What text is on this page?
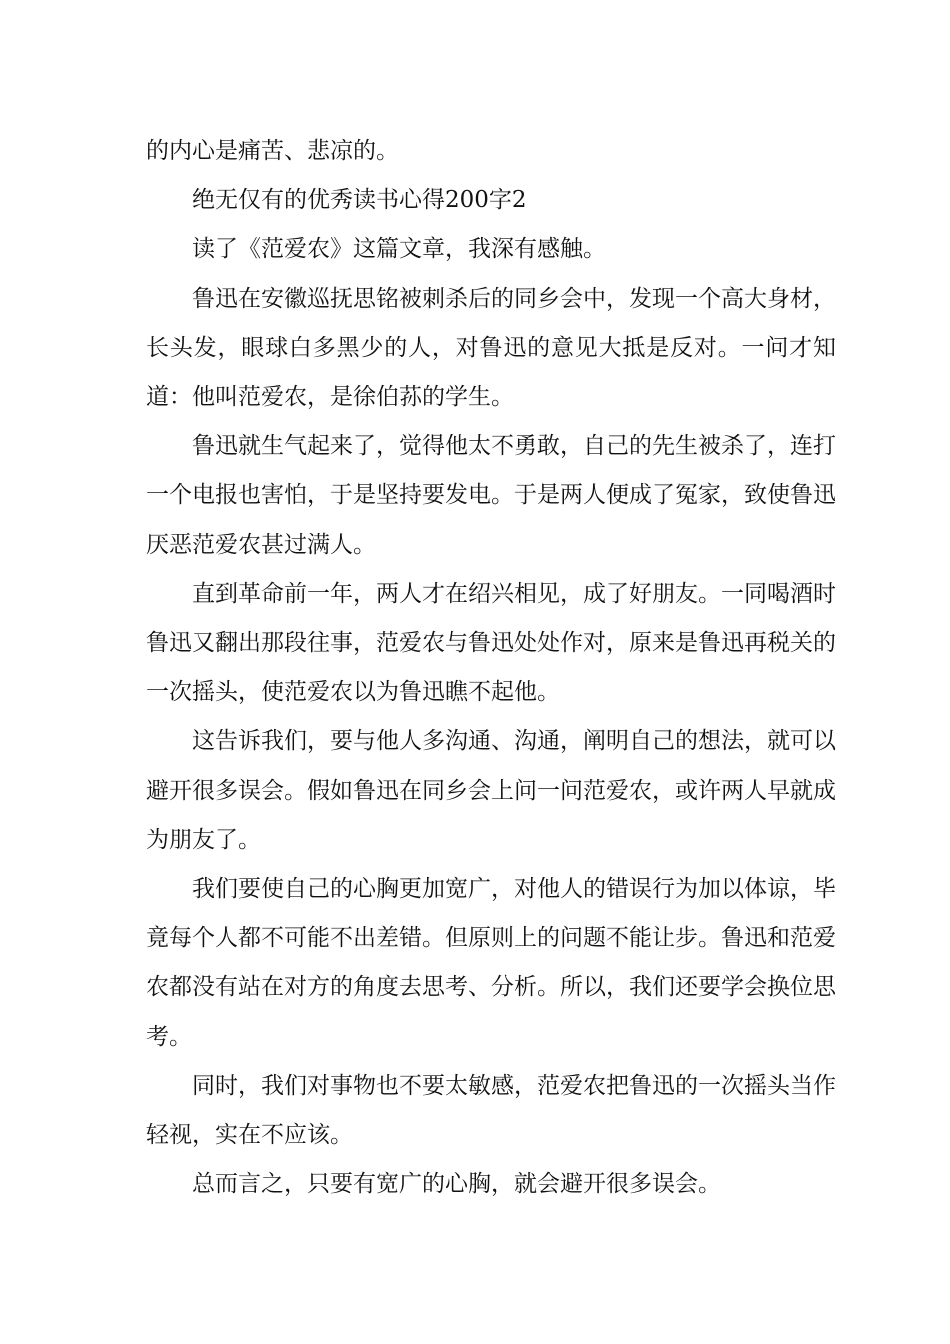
的内心是痛苦、悲凉的。

绝无仅有的优秀读书心得200字2

读了《范爱农》这篇文章，我深有感触。

鲁迅在安徽巡抚思铭被刺杀后的同乡会中，发现一个高大身材，长头发，眼球白多黑少的人，对鲁迅的意见大抵是反对。一问才知道：他叫范爱农，是徐伯荪的学生。

鲁迅就生气起来了，觉得他太不勇敢，自己的先生被杀了，连打一个电报也害怕，于是坚持要发电。于是两人便成了冤家，致使鲁迅厌恶范爱农甚过满人。

直到革命前一年，两人才在绍兴相见，成了好朋友。一同喝酒时鲁迅又翻出那段往事，范爱农与鲁迅处处作对，原来是鲁迅再税关的一次摇头，使范爱农以为鲁迅瞧不起他。

这告诉我们，要与他人多沟通、沟通，阐明自己的想法，就可以避开很多误会。假如鲁迅在同乡会上问一问范爱农，或许两人早就成为朋友了。

我们要使自己的心胸更加宽广，对他人的错误行为加以体谅，毕竟每个人都不可能不出差错。但原则上的问题不能让步。鲁迅和范爱农都没有站在对方的角度去思考、分析。所以，我们还要学会换位思考。

同时，我们对事物也不要太敏感，范爱农把鲁迅的一次摇头当作轻视，实在不应该。

总而言之，只要有宽广的心胸，就会避开很多误会。
